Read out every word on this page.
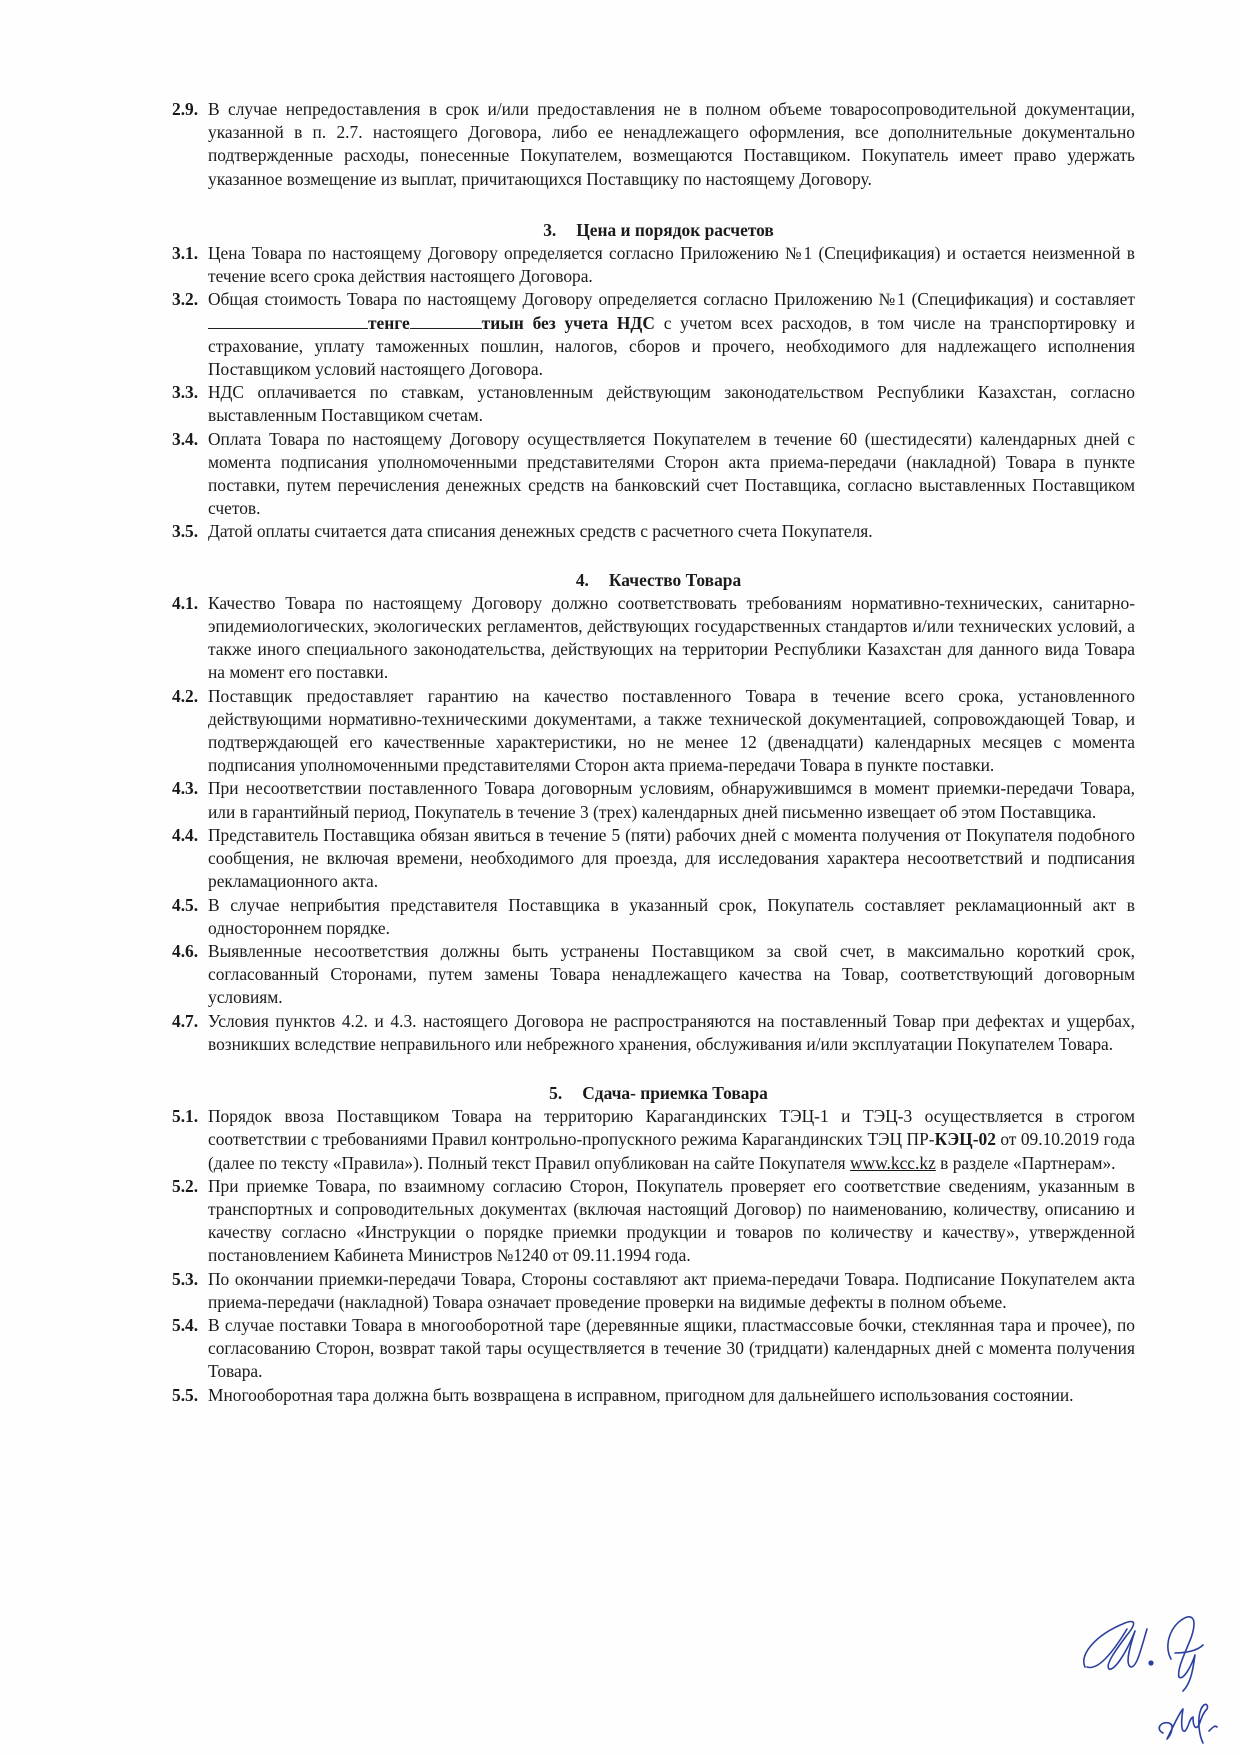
2.9. В случае непредоставления в срок и/или предоставления не в полном объеме товаросопроводительной документации, указанной в п. 2.7. настоящего Договора, либо ее ненадлежащего оформления, все дополнительные документально подтвержденные расходы, понесенные Покупателем, возмещаются Поставщиком. Покупатель имеет право удержать указанное возмещение из выплат, причитающихся Поставщику по настоящему Договору.
3. Цена и порядок расчетов
3.1. Цена Товара по настоящему Договору определяется согласно Приложению №1 (Спецификация) и остается неизменной в течение всего срока действия настоящего Договора.
3.2. Общая стоимость Товара по настоящему Договору определяется согласно Приложению №1 (Спецификация) и составляеттенге	тиын без учета НДС с учетом всех расходов, в том числе на транспортировку и страхование, уплату таможенных пошлин, налогов, сборов и прочего, необходимого для надлежащего исполнения Поставщиком условий настоящего Договора.
3.3. НДС оплачивается по ставкам, установленным действующим законодательством Республики Казахстан, согласно выставленным Поставщиком счетам.
3.4. Оплата Товара по настоящему Договору осуществляется Покупателем в течение 60 (шестидесяти) календарных дней с момента подписания уполномоченными представителями Сторон акта приема-передачи (накладной) Товара в пункте поставки, путем перечисления денежных средств на банковский счет Поставщика, согласно выставленных Поставщиком счетов.
3.5. Датой оплаты считается дата списания денежных средств с расчетного счета Покупателя.
4. Качество Товара
4.1. Качество Товара по настоящему Договору должно соответствовать требованиям нормативно-технических, санитарно-эпидемиологических, экологических регламентов, действующих государственных стандартов и/или технических условий, а также иного специального законодательства, действующих на территории Республики Казахстан для данного вида Товара на момент его поставки.
4.2. Поставщик предоставляет гарантию на качество поставленного Товара в течение всего срока, установленного действующими нормативно-техническими документами, а также технической документацией, сопровождающей Товар, и подтверждающей его качественные характеристики, но не менее 12 (двенадцати) календарных месяцев с момента подписания уполномоченными представителями Сторон акта приема-передачи Товара в пункте поставки.
4.3. При несоответствии поставленного Товара договорным условиям, обнаружившимся в момент приемки-передачи Товара, или в гарантийный период, Покупатель в течение 3 (трех) календарных дней письменно извещает об этом Поставщика.
4.4. Представитель Поставщика обязан явиться в течение 5 (пяти) рабочих дней с момента получения от Покупателя подобного сообщения, не включая времени, необходимого для проезда, для исследования характера несоответствий и подписания рекламационного акта.
4.5. В случае неприбытия представителя Поставщика в указанный срок, Покупатель составляет рекламационный акт в одностороннем порядке.
4.6. Выявленные несоответствия должны быть устранены Поставщиком за свой счет, в максимально короткий срок, согласованный Сторонами, путем замены Товара ненадлежащего качества на Товар, соответствующий договорным условиям.
4.7. Условия пунктов 4.2. и 4.3. настоящего Договора не распространяются на поставленный Товар при дефектах и ущербах, возникших вследствие неправильного или небрежного хранения, обслуживания и/или эксплуатации Покупателем Товара.
5. Сдача- приемка Товара
5.1. Порядок ввоза Поставщиком Товара на территорию Карагандинских ТЭЦ-1 и ТЭЦ-3 осуществляется в строгом соответствии с требованиями Правил контрольно-пропускного режима Карагандинских ТЭЦ ПР-КЭЦ-02 от 09.10.2019 года (далее по тексту «Правила»). Полный текст Правил опубликован на сайте Покупателя www.kcc.kz в разделе «Партнерам».
5.2. При приемке Товара, по взаимному согласию Сторон, Покупатель проверяет его соответствие сведениям, указанным в транспортных и сопроводительных документах (включая настоящий Договор) по наименованию, количеству, описанию и качеству согласно «Инструкции о порядке приемки продукции и товаров по количеству и качеству», утвержденной постановлением Кабинета Министров №1240 от 09.11.1994 года.
5.3. По окончании приемки-передачи Товара, Стороны составляют акт приема-передачи Товара. Подписание Покупателем акта приема-передачи (накладной) Товара означает проведение проверки на видимые дефекты в полном объеме.
5.4. В случае поставки Товара в многооборотной таре (деревянные ящики, пластмассовые бочки, стеклянная тара и прочее), по согласованию Сторон, возврат такой тары осуществляется в течение 30 (тридцати) календарных дней с момента получения Товара.
5.5. Многооборотная тара должна быть возвращена в исправном, пригодном для дальнейшего использования состоянии.
